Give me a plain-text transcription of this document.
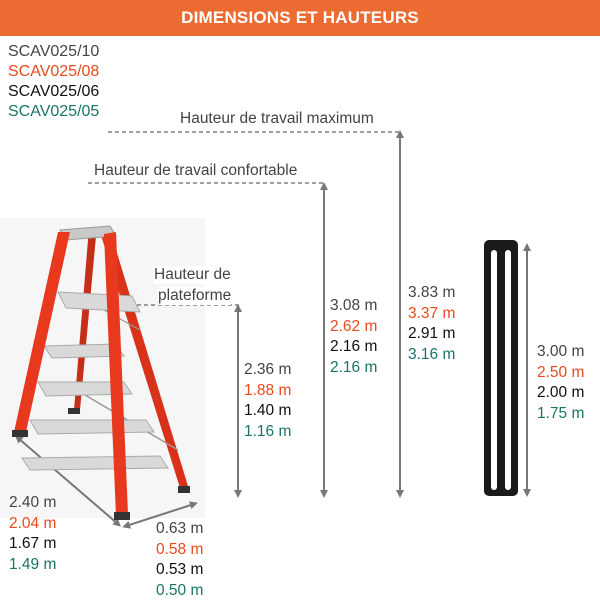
DIMENSIONS ET HAUTEURS
SCAV025/10
SCAV025/08
SCAV025/06
SCAV025/05	Hauteur de travail maximum
Hauteur de travail confortable
Hauteur de
plateforme
2.36 m
1.88 m
1.40 m
1.16 m
3.08 m
2.62 m
2.16 m
2.16 m
3.83 m
3.37 m
2.91 m
3.16 m	3.00 m
2.50 m
2.00 m
1.75 m
2.40 m
2.04 m
1.67 m
1.49 m
0.63 m
0.58 m
0.53 m
0.50 m
